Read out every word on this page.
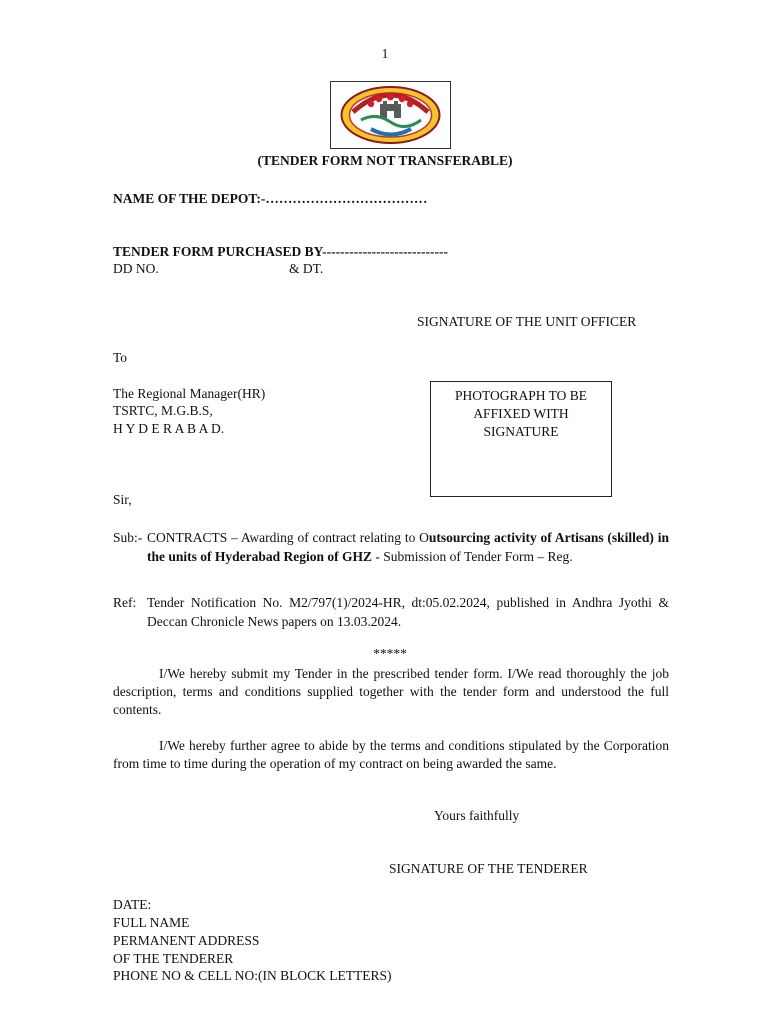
1
(TENDER FORM NOT TRANSFERABLE)
NAME OF THE DEPOT:-………………………………
TENDER FORM PURCHASED BY----------------------------
DD NO.	& DT.
SIGNATURE OF THE UNIT OFFICER
To
The Regional Manager(HR)
TSRTC, M.G.B.S,
H Y D E R A B A D.
PHOTOGRAPH TO BE
AFFIXED WITH
SIGNATURE
Sir,
Sub:- CONTRACTS – Awarding of contract relating to Outsourcing activity of Artisans (skilled) in the units of Hyderabad Region of GHZ - Submission of Tender Form – Reg.
Ref: Tender Notification No. M2/797(1)/2024-HR, dt:05.02.2024, published in Andhra Jyothi & Deccan Chronicle News papers on 13.03.2024.
*****
I/We hereby submit my Tender in the prescribed tender form. I/We read thoroughly the job description, terms and conditions supplied together with the tender form and understood the full contents.
I/We hereby further agree to abide by the terms and conditions stipulated by the Corporation from time to time during the operation of my contract on being awarded the same.
Yours faithfully
SIGNATURE OF THE TENDERER
DATE:
FULL NAME
PERMANENT ADDRESS
OF THE TENDERER
PHONE NO & CELL NO:(IN BLOCK LETTERS)
